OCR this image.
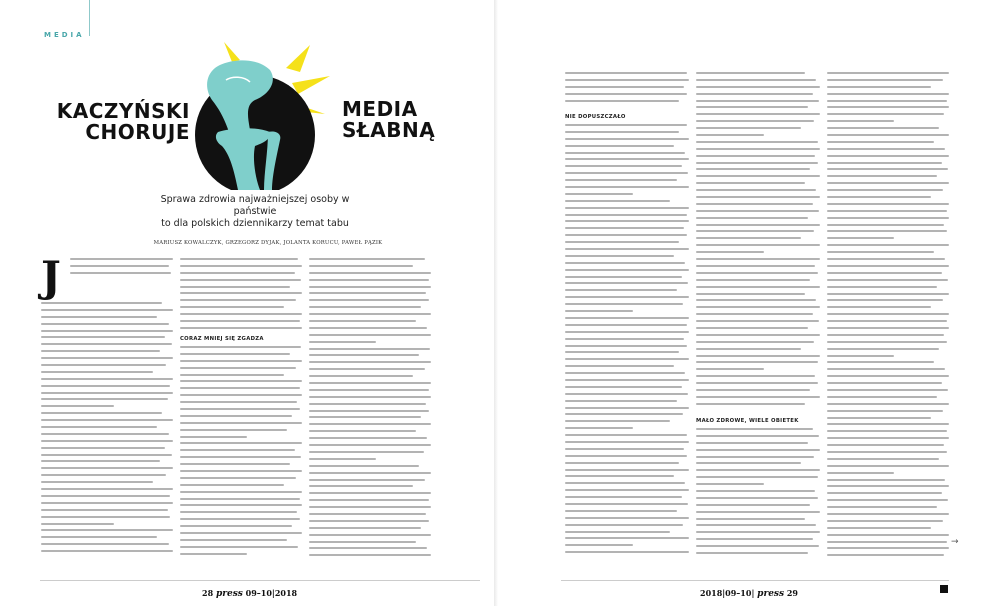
MEDIA
KACZYŃSKI
CHORUJE
MEDIA
SŁABNĄ
Sprawa zdrowia najważniejszej osoby w państwie
to dla polskich dziennikarzy temat tabu
MARIUSZ KOWALCZYK, GRZEGORZ DYJAK, JOLANTA KORUCU, PAWEŁ PĄZIK
J
CORAZ MNIEJ SIĘ ZGADZA
NIE DOPUSZCZAŁO
MAŁO ZDROWE, WIELE OBIETEK
28 press 09–10|2018	2018|09–10| press 29
→
